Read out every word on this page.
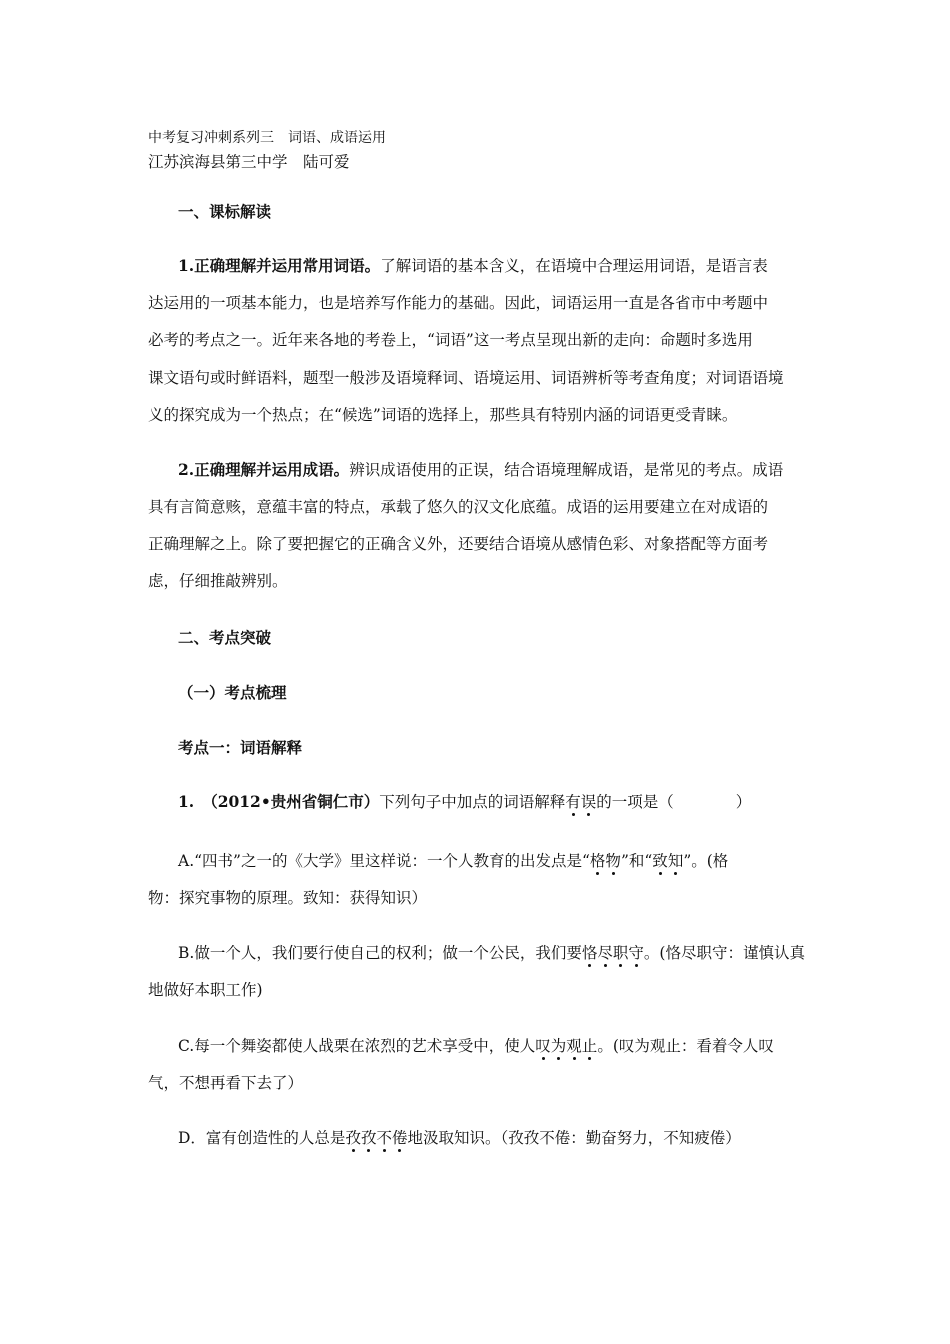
中考复习冲刺系列三　词语、成语运用
江苏滨海县第三中学　陆可爱
一、课标解读
1.正确理解并运用常用词语。了解词语的基本含义，在语境中合理运用词语，是语言表
达运用的一项基本能力，也是培养写作能力的基础。因此，词语运用一直是各省市中考题中
必考的考点之一。近年来各地的考卷上，“词语”这一考点呈现出新的走向：命题时多选用
课文语句或时鲜语料，题型一般涉及语境释词、语境运用、词语辨析等考查角度；对词语语境
义的探究成为一个热点；在“候选”词语的选择上，那些具有特别内涵的词语更受青睐。
2.正确理解并运用成语。辨识成语使用的正误，结合语境理解成语，是常见的考点。成语
具有言简意赅，意蕴丰富的特点，承载了悠久的汉文化底蕴。成语的运用要建立在对成语的
正确理解之上。除了要把握它的正确含义外，还要结合语境从感情色彩、对象搭配等方面考
虑，仔细推敲辨别。
二、考点突破
（一）考点梳理
考点一：词语解释
1. （2012•贵州省铜仁市）下列句子中加点的词语解释有误的一项是（　　　　）
A.“四书”之一的《大学》里这样说：一个人教育的出发点是“格物”和“致知”。(格
物：探究事物的原理。致知：获得知识）
B.做一个人，我们要行使自己的权利；做一个公民，我们要恪尽职守。(恪尽职守：谨慎认真
地做好本职工作)
C.每一个舞姿都使人战栗在浓烈的艺术享受中，使人叹为观止。(叹为观止：看着令人叹
气，不想再看下去了）
D．富有创造性的人总是孜孜不倦地汲取知识。（孜孜不倦：勤奋努力，不知疲倦）
